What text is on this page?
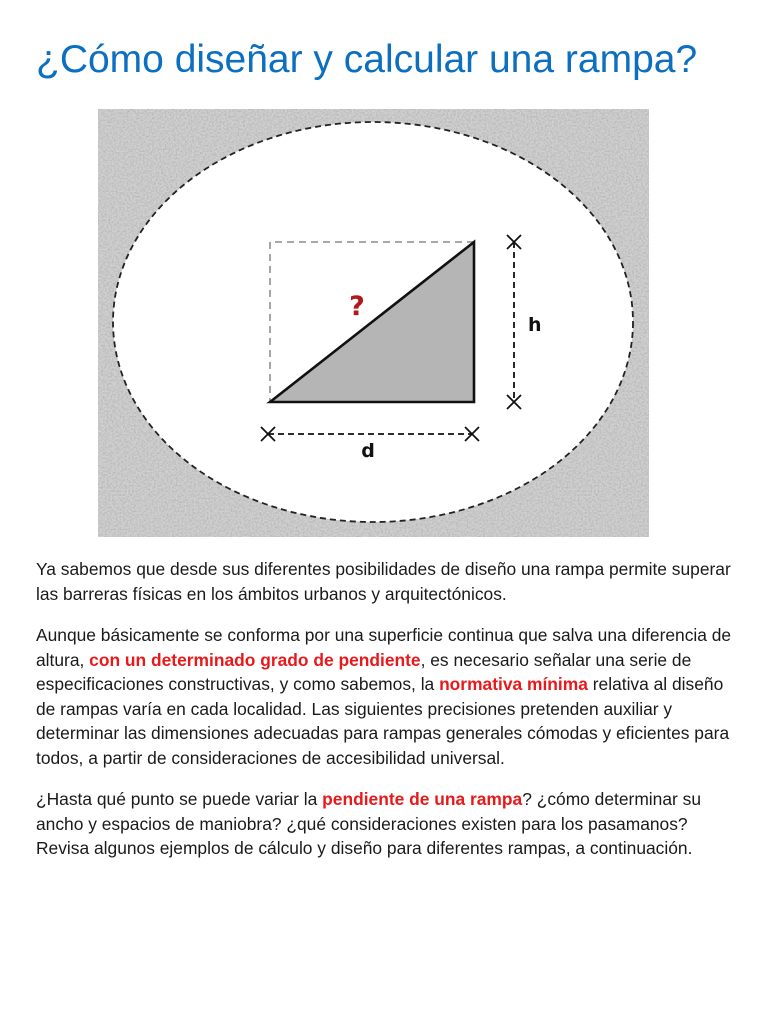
¿Cómo diseñar y calcular una rampa?
?
h
d

Ya sabemos que desde sus diferentes posibilidades de diseño una rampa permite superar las barreras físicas en los ámbitos urbanos y arquitectónicos.

Aunque básicamente se conforma por una superficie continua que salva una diferencia de altura, con un determinado grado de pendiente, es necesario señalar una serie de especificaciones constructivas, y como sabemos, la normativa mínima relativa al diseño de rampas varía en cada localidad. Las siguientes precisiones pretenden auxiliar y determinar las dimensiones adecuadas para rampas generales cómodas y eficientes para todos, a partir de consideraciones de accesibilidad universal.

¿Hasta qué punto se puede variar la pendiente de una rampa? ¿cómo determinar su ancho y espacios de maniobra? ¿qué consideraciones existen para los pasamanos? Revisa algunos ejemplos de cálculo y diseño para diferentes rampas, a continuación.
